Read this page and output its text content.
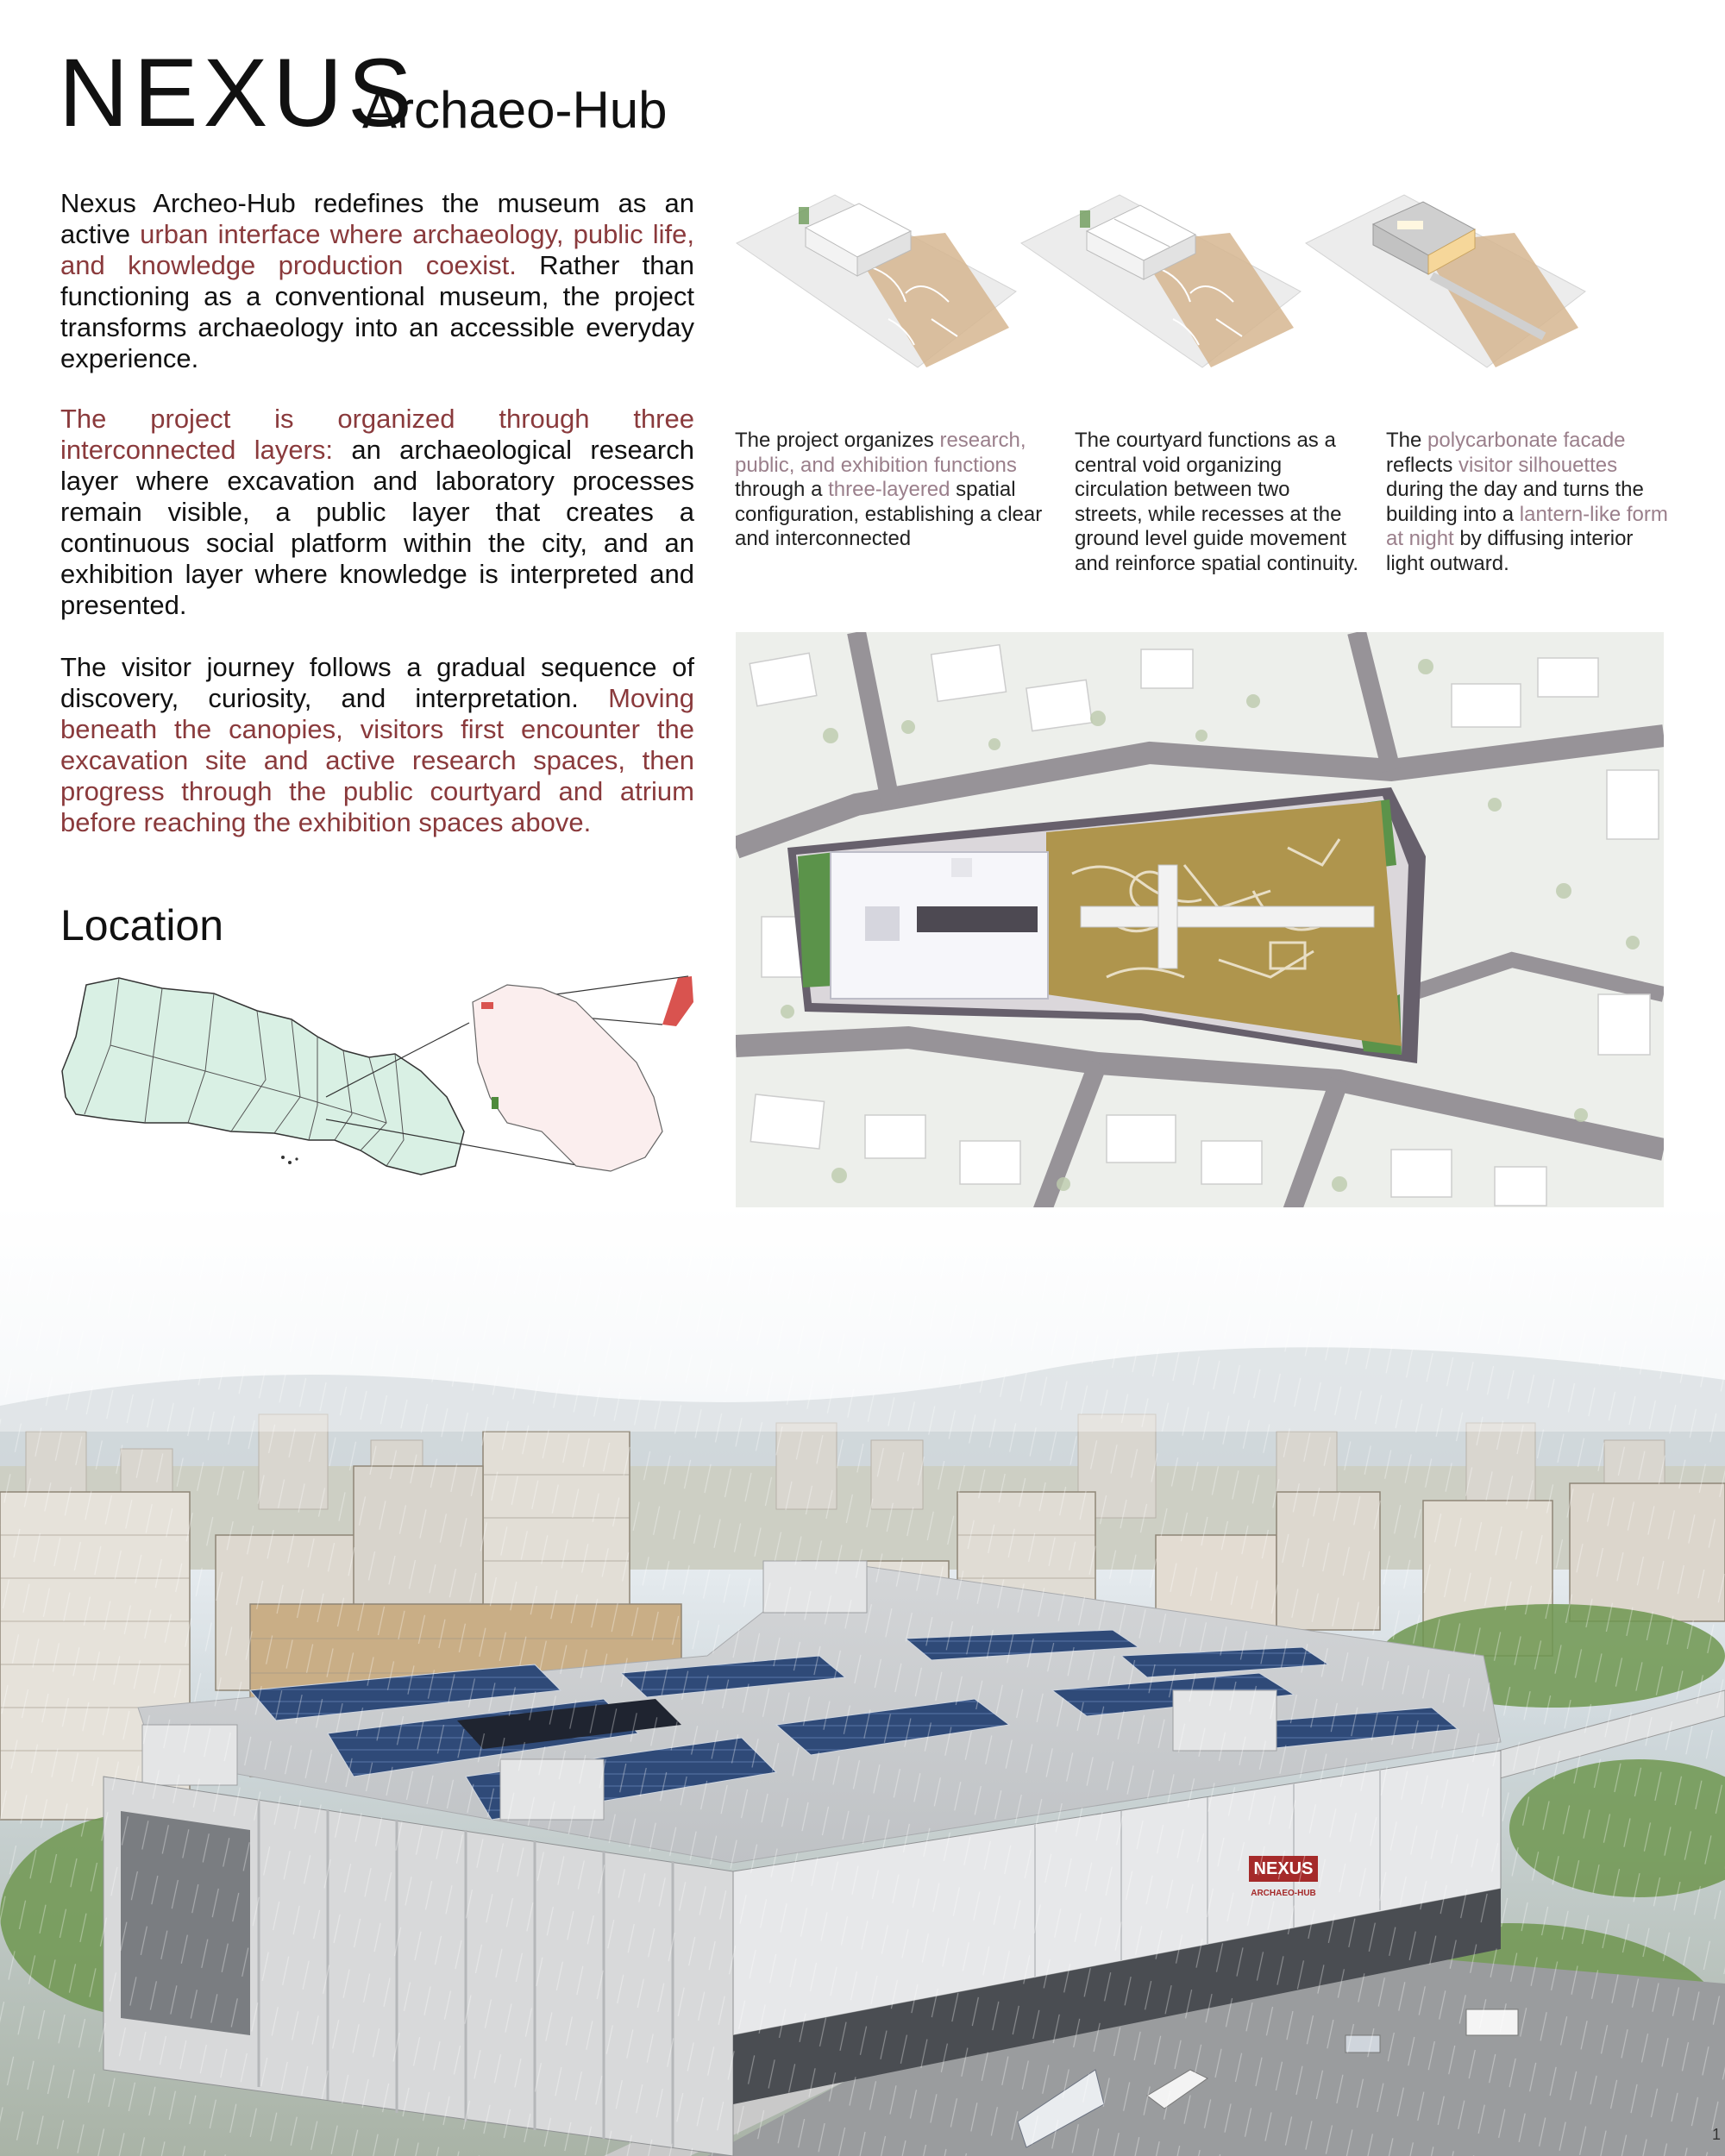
NEXUS
Archaeo-Hub
Nexus Archeo-Hub redefines the museum as an active urban interface where archaeology, public life, and knowledge production coexist. Rather than functioning as a conventional museum, the project transforms archaeology into an accessible everyday experience.
The project is organized through three interconnected layers: an archaeological research layer where excavation and laboratory processes remain visible, a public layer that creates a continuous social platform within the city, and an exhibition layer where knowledge is interpreted and presented.
The visitor journey follows a gradual sequence of discovery, curiosity, and interpretation. Moving beneath the canopies, visitors first encounter the excavation site and active research spaces, then progress through the public courtyard and atrium before reaching the exhibition spaces above.
The project organizes research, public, and exhibition functions through a three-layered spatial configuration, establishing a clear and interconnected
The courtyard functions as a central void organizing circulation between two streets, while recesses at the ground level guide movement and reinforce spatial continuity.
The polycarbonate facade reflects visitor silhouettes during the day and turns the building into a lantern-like form at night by diffusing interior light outward.
Location
1
